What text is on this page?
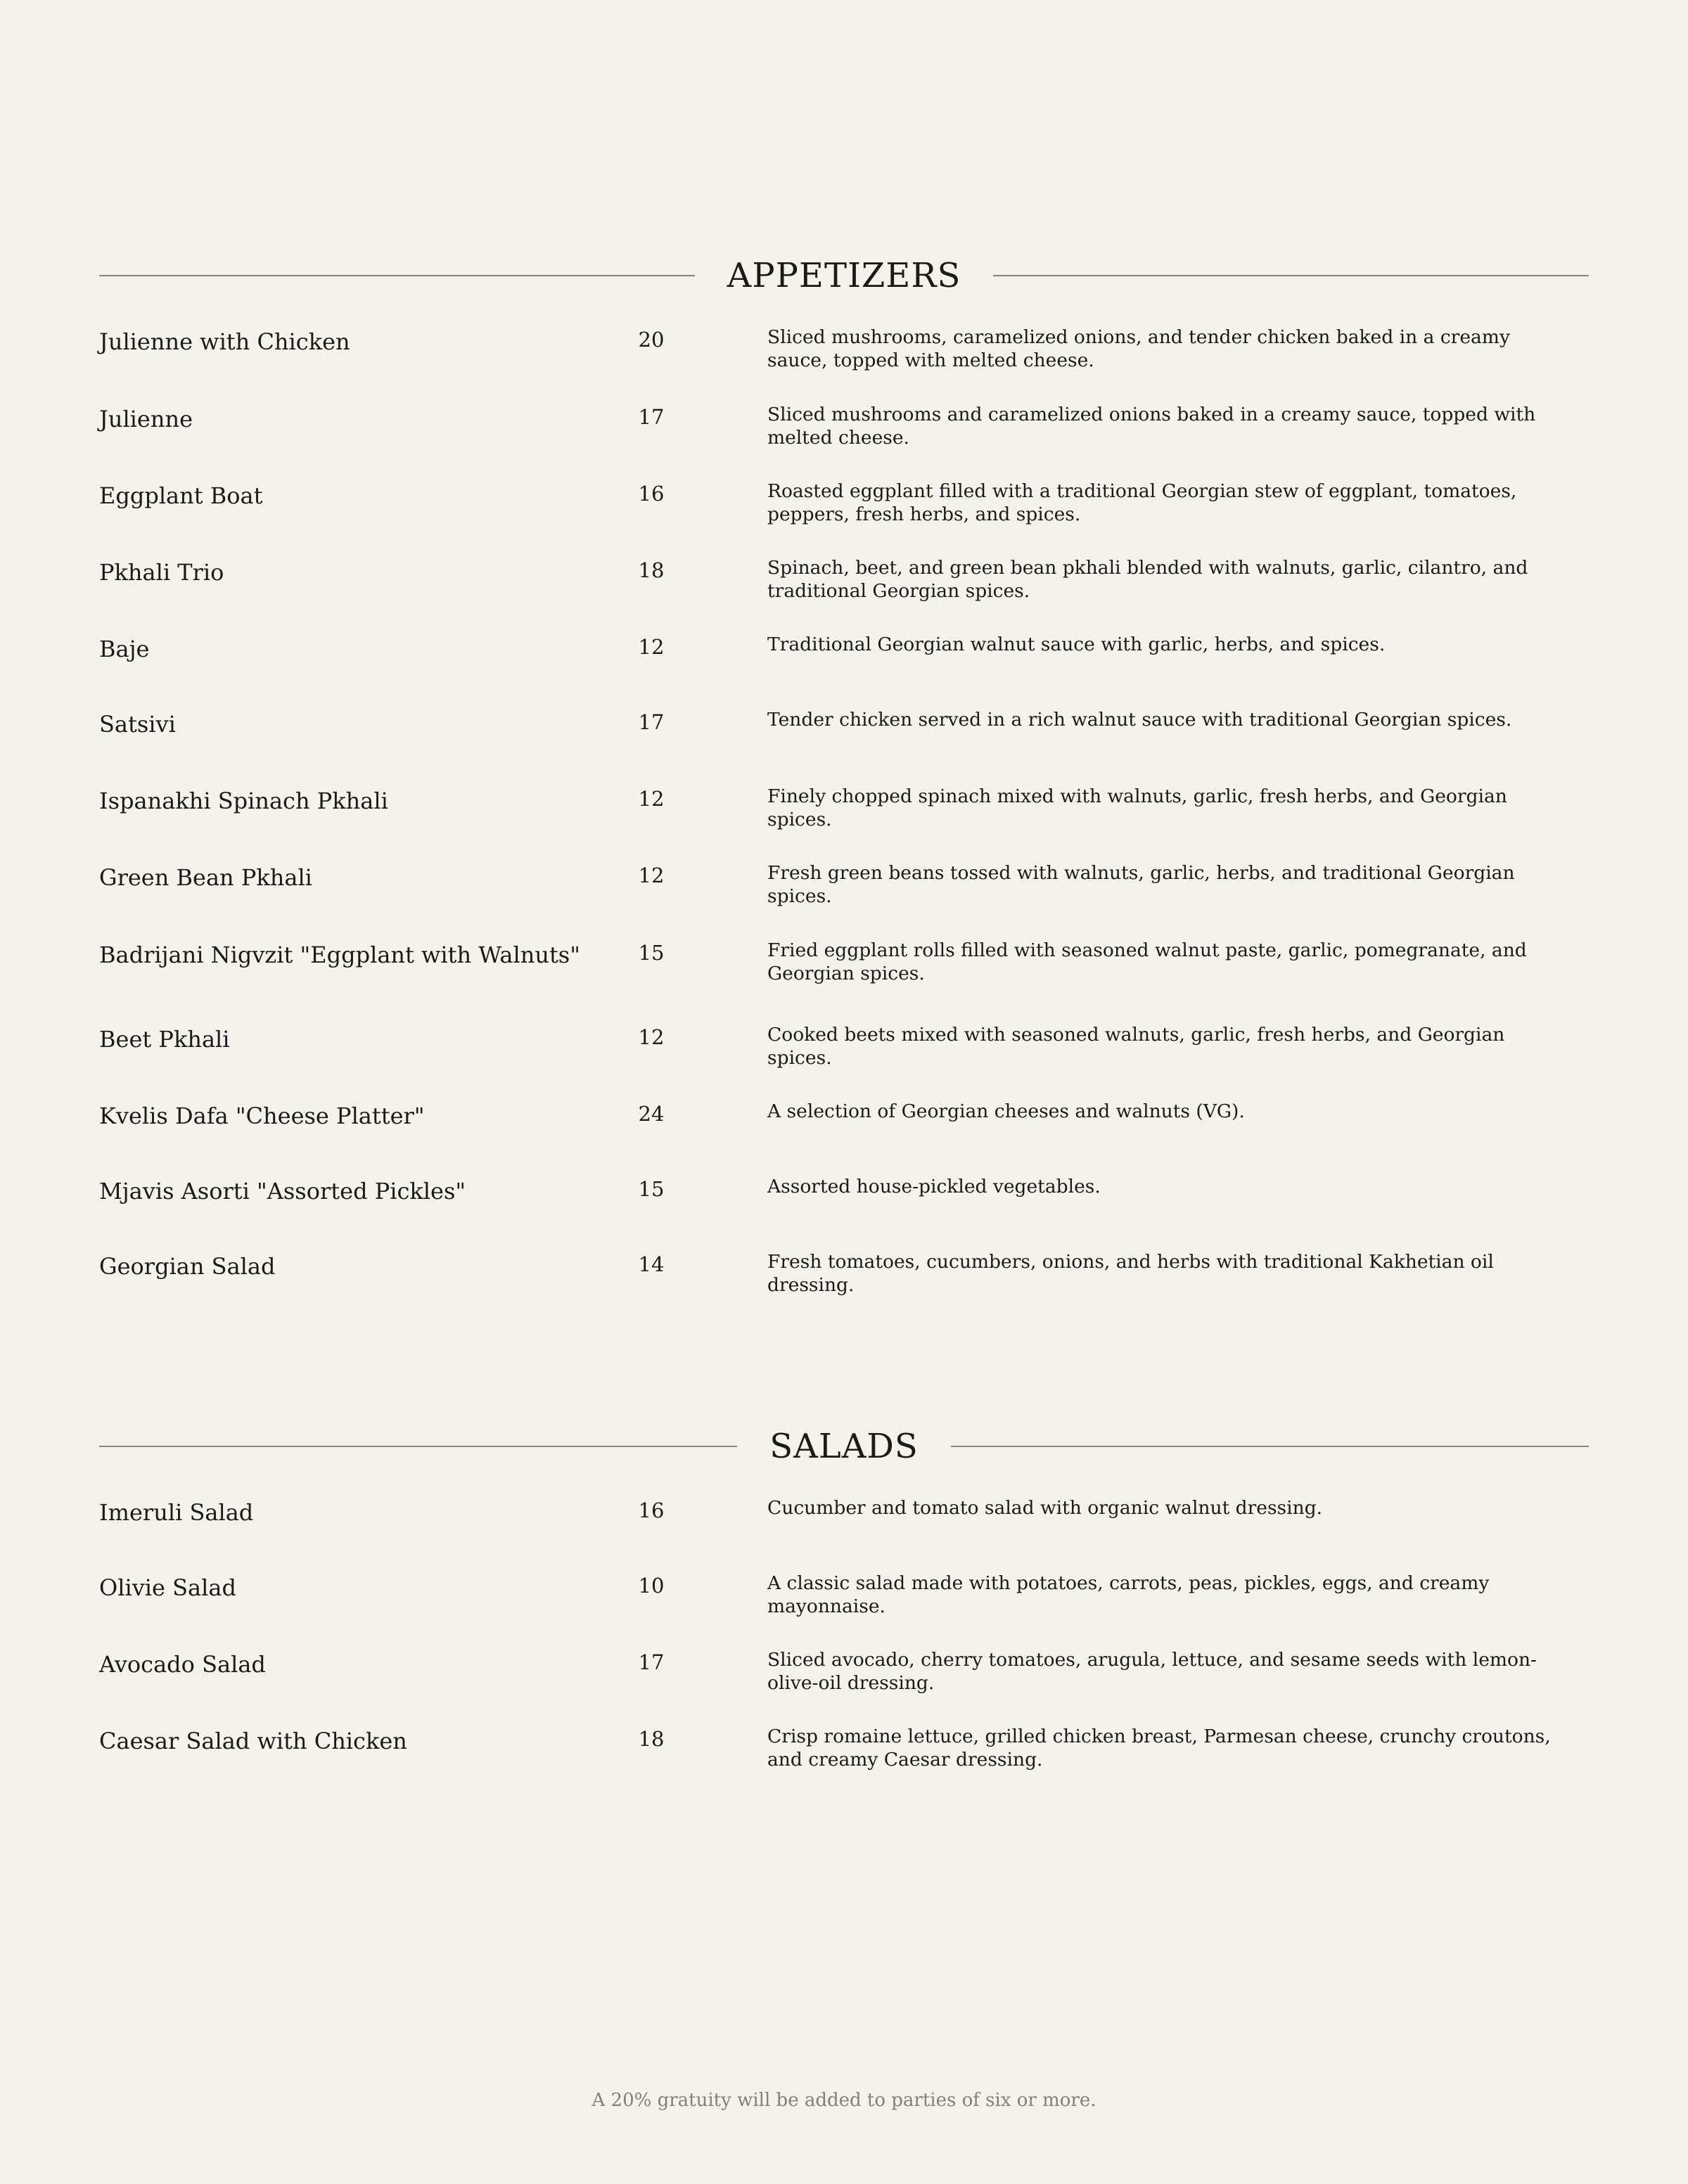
APPETIZERS
Julienne with Chicken	20	Sliced mushrooms, caramelized onions, and tender chicken baked in a creamy sauce, topped with melted cheese.
Julienne	17	Sliced mushrooms and caramelized onions baked in a creamy sauce, topped with melted cheese.
Eggplant Boat	16	Roasted eggplant filled with a traditional Georgian stew of eggplant, tomatoes, peppers, fresh herbs, and spices.
Pkhali Trio	18	Spinach, beet, and green bean pkhali blended with walnuts, garlic, cilantro, and traditional Georgian spices.
Baje	12	Traditional Georgian walnut sauce with garlic, herbs, and spices.
Satsivi	17	Tender chicken served in a rich walnut sauce with traditional Georgian spices.
Ispanakhi Spinach Pkhali	12	Finely chopped spinach mixed with walnuts, garlic, fresh herbs, and Georgian spices.
Green Bean Pkhali	12	Fresh green beans tossed with walnuts, garlic, herbs, and traditional Georgian spices.
Badrijani Nigvzit "Eggplant with Walnuts"	15	Fried eggplant rolls filled with seasoned walnut paste, garlic, pomegranate, and Georgian spices.
Beet Pkhali	12	Cooked beets mixed with seasoned walnuts, garlic, fresh herbs, and Georgian spices.
Kvelis Dafa "Cheese Platter"	24	A selection of Georgian cheeses and walnuts (VG).
Mjavis Asorti "Assorted Pickles"	15	Assorted house-pickled vegetables.
Georgian Salad	14	Fresh tomatoes, cucumbers, onions, and herbs with traditional Kakhetian oil dressing.
SALADS
Imeruli Salad	16	Cucumber and tomato salad with organic walnut dressing.
Olivie Salad	10	A classic salad made with potatoes, carrots, peas, pickles, eggs, and creamy mayonnaise.
Avocado Salad	17	Sliced avocado, cherry tomatoes, arugula, lettuce, and sesame seeds with lemon-olive-oil dressing.
Caesar Salad with Chicken	18	Crisp romaine lettuce, grilled chicken breast, Parmesan cheese, crunchy croutons, and creamy Caesar dressing.
A 20% gratuity will be added to parties of six or more.
